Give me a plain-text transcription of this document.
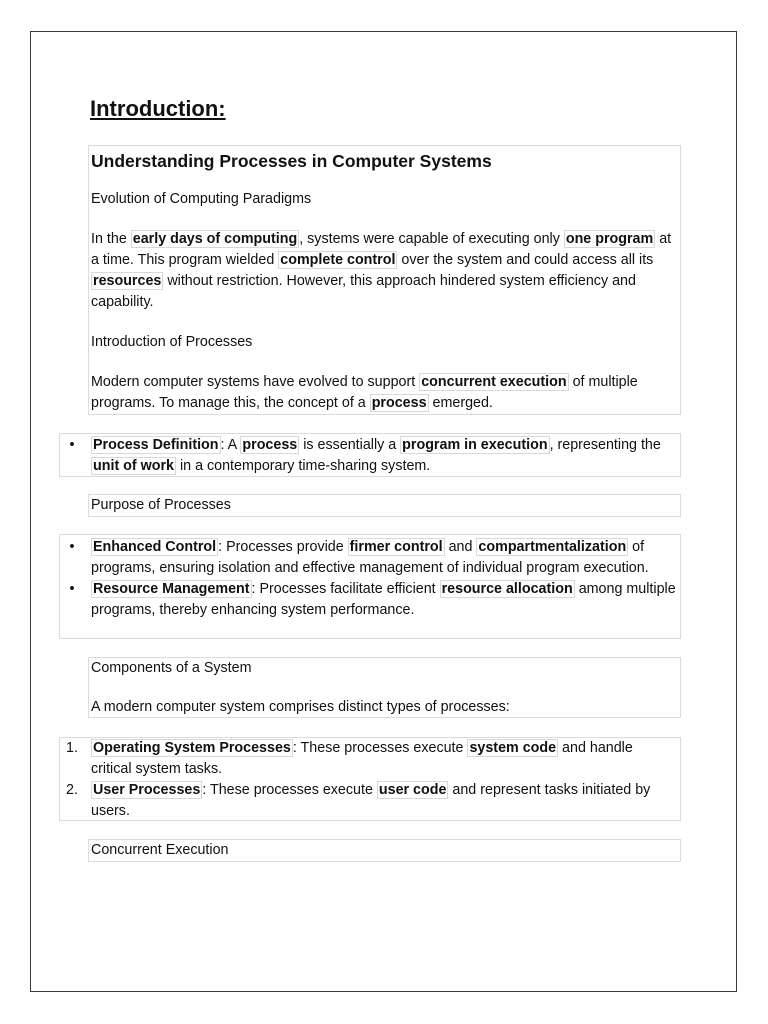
Introduction:

Understanding Processes in Computer Systems

Evolution of Computing Paradigms

In the early days of computing , systems were capable of executing only one program at a time. This program wielded complete control over the system and could access all its resources without restriction. However, this approach hindered system efficiency and capability.

Introduction of Processes

Modern computer systems have evolved to support concurrent execution of multiple programs. To manage this, the concept of a process emerged.

•	Process Definition : A process is essentially a program in execution , representing the unit of work in a contemporary time-sharing system.

Purpose of Processes

•	Enhanced Control : Processes provide firmer control and compartmentalization of programs, ensuring isolation and effective management of individual program execution.
•	Resource Management : Processes facilitate efficient resource allocation among multiple programs, thereby enhancing system performance.

Components of a System

A modern computer system comprises distinct types of processes:

1.	Operating System Processes : These processes execute system code and handle critical system tasks.
2.	User Processes : These processes execute user code and represent tasks initiated by users.

Concurrent Execution
